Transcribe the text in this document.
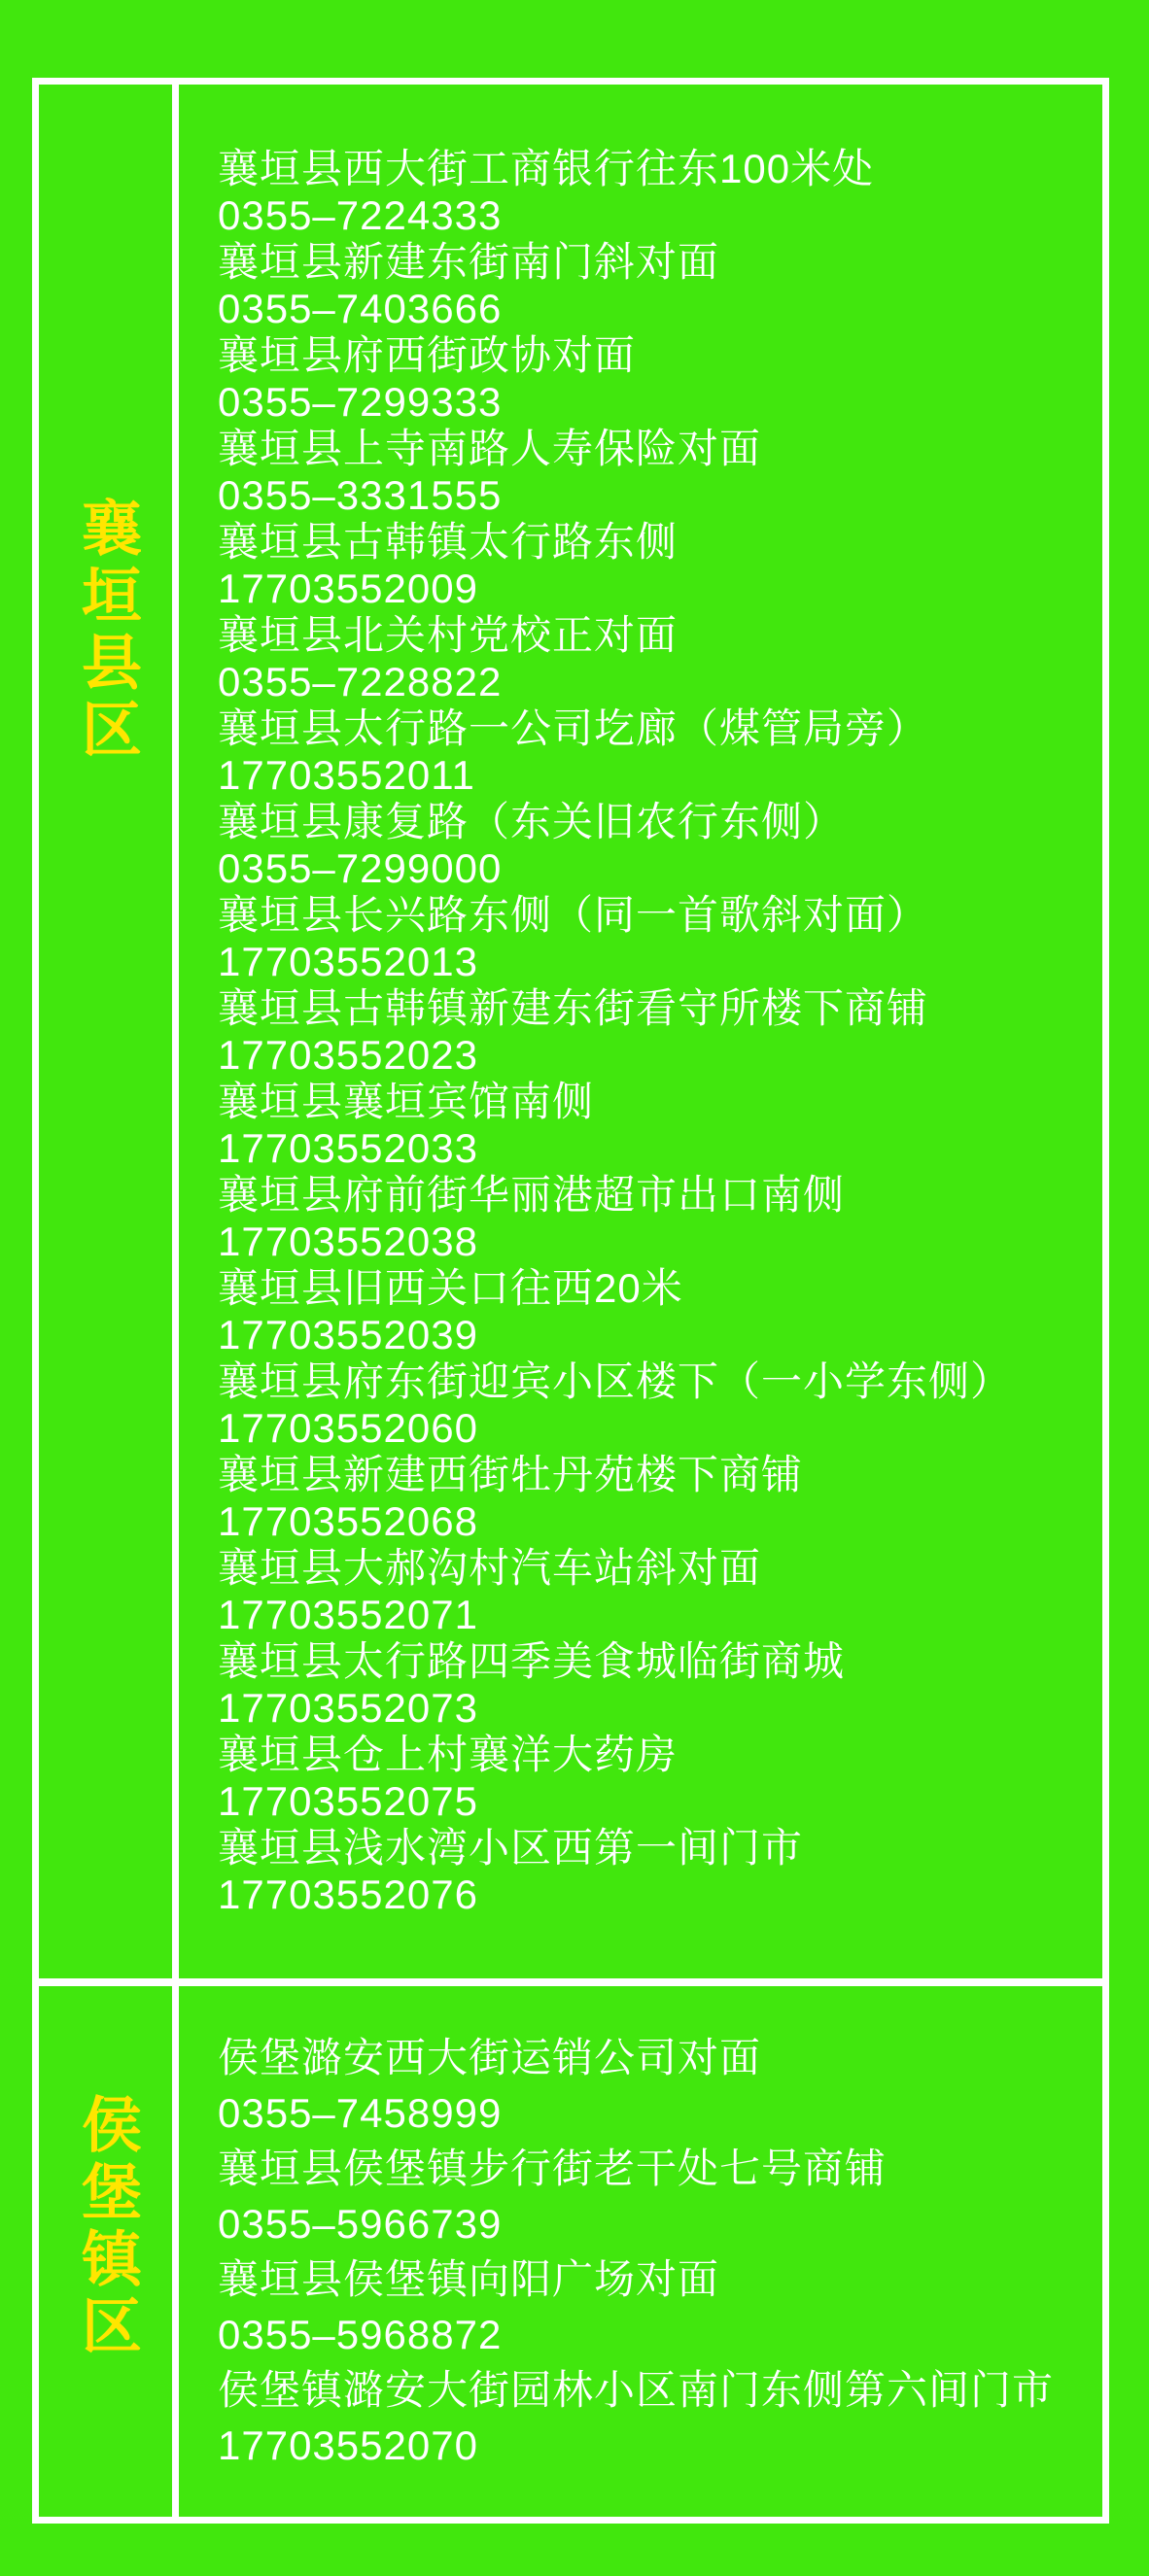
襄垣县区
襄垣县西大街工商银行往东100米处
0355–7224333
襄垣县新建东街南门斜对面
0355–7403666
襄垣县府西街政协对面
0355–7299333
襄垣县上寺南路人寿保险对面
0355–3331555
襄垣县古韩镇太行路东侧
17703552009
襄垣县北关村党校正对面
0355–7228822
襄垣县太行路一公司圪廊（煤管局旁）
17703552011
襄垣县康复路（东关旧农行东侧）
0355–7299000
襄垣县长兴路东侧（同一首歌斜对面）
17703552013
襄垣县古韩镇新建东街看守所楼下商铺
17703552023
襄垣县襄垣宾馆南侧
17703552033
襄垣县府前街华丽港超市出口南侧
17703552038
襄垣县旧西关口往西20米
17703552039
襄垣县府东街迎宾小区楼下（一小学东侧）
17703552060
襄垣县新建西街牡丹苑楼下商铺
17703552068
襄垣县大郝沟村汽车站斜对面
17703552071
襄垣县太行路四季美食城临街商城
17703552073
襄垣县仓上村襄洋大药房
17703552075
襄垣县浅水湾小区西第一间门市
17703552076
侯堡镇区
侯堡潞安西大街运销公司对面
0355–7458999
襄垣县侯堡镇步行街老干处七号商铺
0355–5966739
襄垣县侯堡镇向阳广场对面
0355–5968872
侯堡镇潞安大街园林小区南门东侧第六间门市
17703552070
